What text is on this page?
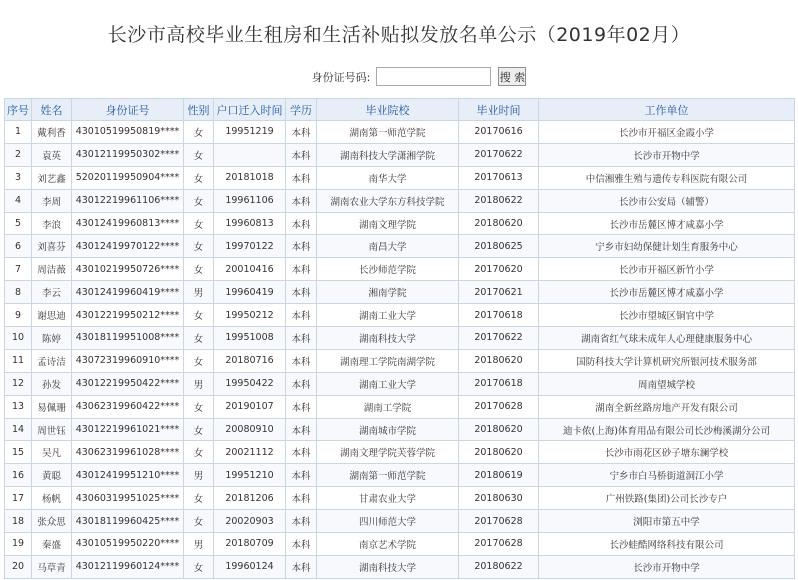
长沙市高校毕业生租房和生活补贴拟发放名单公示（2019年02月）
身份证号码:	搜 索
序号	姓名	身份证号	性别	户口迁入时间	学历	毕业院校	毕业时间	工作单位
1	戴利香	43010519950819****	女	19951219	本科	湖南第一师范学院	20170616	长沙市开福区金霞小学
2	袁英	43012119950302****	女		本科	湖南科技大学潇湘学院	20170622	长沙市开物中学
3	刘艺鑫	52020119950904****	女	20181018	本科	南华大学	20170613	中信湘雅生殖与遗传专科医院有限公司
4	李周	43012219961106****	女	19961106	本科	湖南农业大学东方科技学院	20180622	长沙市公安局（辅警）
5	李浪	43012419960813****	女	19960813	本科	湖南文理学院	20180620	长沙市岳麓区博才咸嘉小学
6	刘喜芬	43012419970122****	女	19970122	本科	南昌大学	20180625	宁乡市妇幼保健计划生育服务中心
7	周洁薇	43010219950726****	女	20010416	本科	长沙师范学院	20170620	长沙市开福区新竹小学
8	李云	43012419960419****	男	19960419	本科	湘南学院	20170621	长沙市岳麓区博才咸嘉小学
9	谢思迪	43012219950212****	女	19950212	本科	湖南工业大学	20170618	长沙市望城区铜官中学
10	陈婷	43018119951008****	女	19951008	本科	湖南科技大学	20170622	湖南省红气球未成年人心理健康服务中心
11	孟诗洁	43072319960910****	女	20180716	本科	湖南理工学院南湖学院	20180620	国防科技大学计算机研究所银河技术服务部
12	孙发	43012219950422****	男	19950422	本科	湖南工业大学	20170618	周南望城学校
13	易佩珊	43062319960422****	女	20190107	本科	湖南工学院	20170628	湖南全新丝路房地产开发有限公司
14	周世钰	43012219961021****	女	20080910	本科	湖南城市学院	20180620	迪卡侬(上海)体育用品有限公司长沙梅溪湖分公司
15	吴凡	43062319961028****	女	20021112	本科	湖南文理学院芙蓉学院	20180620	长沙市雨花区砂子塘东澜学校
16	黄聪	43012419951210****	男	19951210	本科	湖南第一师范学院	20180619	宁乡市白马桥街道洞江小学
17	杨帆	43060319951025****	女	20181206	本科	甘肃农业大学	20180630	广州铁路(集团)公司长沙专户
18	张众思	43018119960425****	女	20020903	本科	四川师范大学	20170628	浏阳市第五中学
19	秦盛	43010519950220****	男	20180709	本科	南京艺术学院	20170628	长沙蛙酷网络科技有限公司
20	马草青	43012119960124****	女	19960124	本科	湖南科技大学	20180622	长沙市开物中学
